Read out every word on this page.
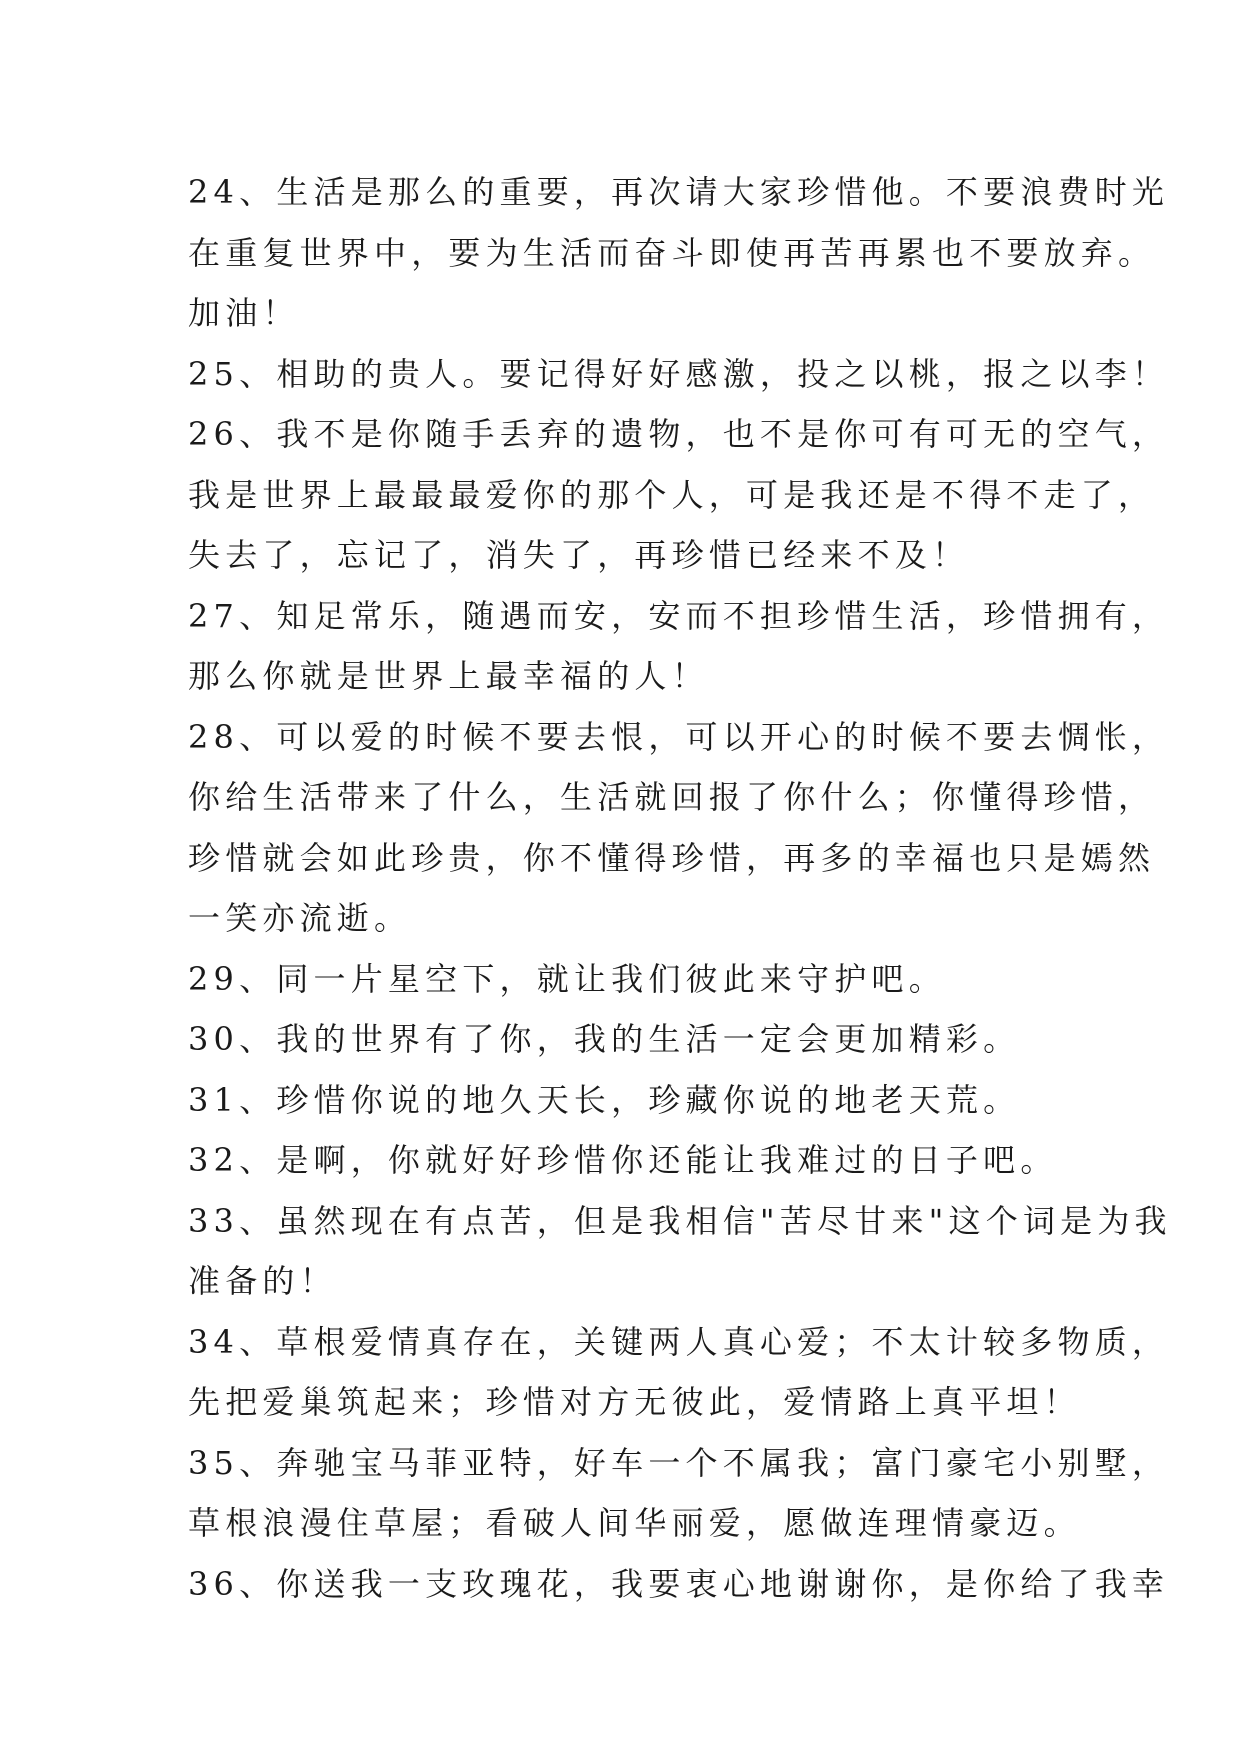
24、生活是那么的重要，再次请大家珍惜他。不要浪费时光
在重复世界中，要为生活而奋斗即使再苦再累也不要放弃。
加油！
25、相助的贵人。要记得好好感激，投之以桃，报之以李！
26、我不是你随手丢弃的遗物，也不是你可有可无的空气，
我是世界上最最最爱你的那个人，可是我还是不得不走了，
失去了，忘记了，消失了，再珍惜已经来不及！
27、知足常乐，随遇而安，安而不担珍惜生活，珍惜拥有，
那么你就是世界上最幸福的人！
28、可以爱的时候不要去恨，可以开心的时候不要去惆怅，
你给生活带来了什么，生活就回报了你什么；你懂得珍惜，
珍惜就会如此珍贵，你不懂得珍惜，再多的幸福也只是嫣然
一笑亦流逝。
29、同一片星空下，就让我们彼此来守护吧。
30、我的世界有了你，我的生活一定会更加精彩。
31、珍惜你说的地久天长，珍藏你说的地老天荒。
32、是啊，你就好好珍惜你还能让我难过的日子吧。
33、虽然现在有点苦，但是我相信"苦尽甘来"这个词是为我
准备的！
34、草根爱情真存在，关键两人真心爱；不太计较多物质，
先把爱巢筑起来；珍惜对方无彼此，爱情路上真平坦！
35、奔驰宝马菲亚特，好车一个不属我；富门豪宅小别墅，
草根浪漫住草屋；看破人间华丽爱，愿做连理情豪迈。
36、你送我一支玫瑰花，我要衷心地谢谢你，是你给了我幸
